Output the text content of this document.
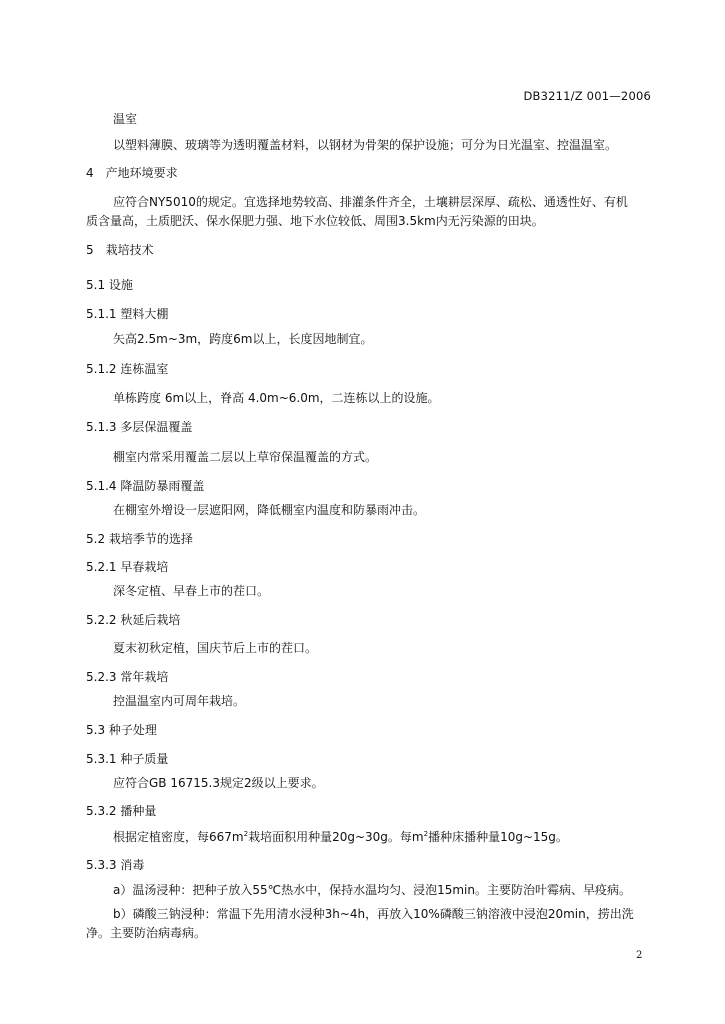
DB3211/Z 001—2006
温室
以塑料薄膜、玻璃等为透明覆盖材料，以钢材为骨架的保护设施；可分为日光温室、控温温室。
4　产地环境要求
应符合NY5010的规定。宜选择地势较高、排灌条件齐全，土壤耕层深厚、疏松、通透性好、有机
质含量高，土质肥沃、保水保肥力强、地下水位较低、周围3.5km内无污染源的田块。
5　栽培技术
5.1 设施
5.1.1 塑料大棚
矢高2.5m~3m，跨度6m以上，长度因地制宜。
5.1.2 连栋温室
单栋跨度 6m以上，脊高 4.0m~6.0m，二连栋以上的设施。
5.1.3 多层保温覆盖
棚室内常采用覆盖二层以上草帘保温覆盖的方式。
5.1.4 降温防暴雨覆盖
在棚室外增设一层遮阳网，降低棚室内温度和防暴雨冲击。
5.2 栽培季节的选择
5.2.1 早春栽培
深冬定植、早春上市的茬口。
5.2.2 秋延后栽培
夏末初秋定植，国庆节后上市的茬口。
5.2.3 常年栽培
控温温室内可周年栽培。
5.3 种子处理
5.3.1 种子质量
应符合GB 16715.3规定2级以上要求。
5.3.2 播种量
根据定植密度，每$667m^2$栽培面积用种量20g~30g。每$m^2$播种床播种量10g~15g。
5.3.3 消毒
a）温汤浸种：把种子放入55℃热水中，保持水温均匀、浸泡15min。主要防治叶霉病、早疫病。
b）磷酸三钠浸种：常温下先用清水浸种3h~4h，再放入10%磷酸三钠溶液中浸泡20min，捞出洗
净。主要防治病毒病。
2
